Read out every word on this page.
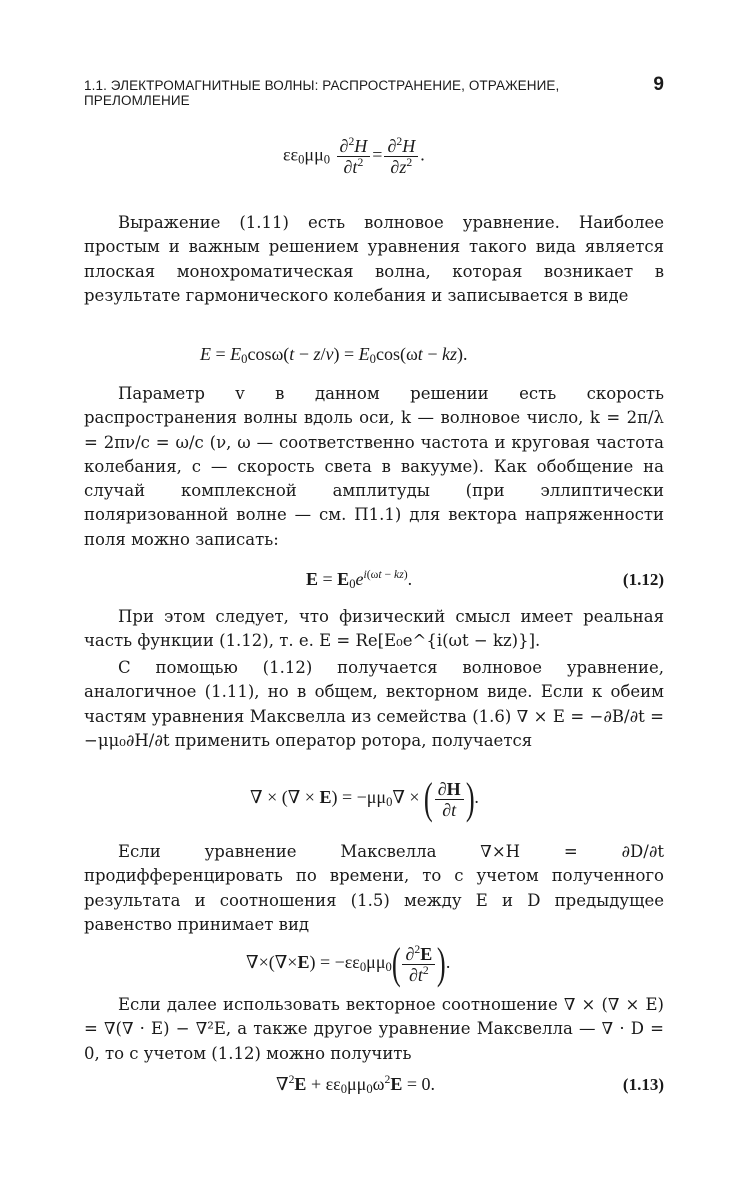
1.1. ЭЛЕКТРОМАГНИТНЫЕ ВОЛНЫ: РАСПРОСТРАНЕНИЕ, ОТРАЖЕНИЕ, ПРЕЛОМЛЕНИЕ
9
$\varepsilon\varepsilon_0\mu\mu_0 \frac{\partial^2H}{\partial t^2} = \frac{\partial^2H}{\partial z^2}$ .

Выражение (1.11) есть волновое уравнение. Наиболее простым и важным решением уравнения такого вида является плоская монохроматическая волна, которая возникает в результате гармонического колебания и записывается в виде

$E = E_0\cos\omega(t - z/v) = E_0\cos(\omega t - kz)$.

Параметр v в данном решении есть скорость распространения волны вдоль оси, k — волновое число, k = 2π/λ = 2πν/c = ω/c (ν, ω — соответственно частота и круговая частота колебания, c — скорость света в вакууме). Как обобщение на случай комплексной амплитуды (при эллиптически поляризованной волне — см. П1.1) для вектора напряженности поля можно записать:

$E = E_0e^{i(\omega t - kz)}$.	(1.12)

При этом следует, что физический смысл имеет реальная часть функции (1.12), т. е. E = Re[E₀e^{i(ωt − kz)}].

С помощью (1.12) получается волновое уравнение, аналогичное (1.11), но в общем, векторном виде. Если к обеим частям уравнения Максвелла из семейства (1.6) ∇ × E = −∂B/∂t = −μμ₀∂H/∂t применить оператор ротора, получается

∇ × (∇ × $E) = -\mu\mu_0\nabla$ × ( $\frac{\partial H}{\partial t}$ ).

Если уравнение Максвелла ∇×H = ∂D/∂t продифференцировать по времени, то с учетом полученного результата и соотношения (1.5) между E и D предыдущее равенство принимает вид

$\nabla\times(\nabla\times E) = -\varepsilon\varepsilon_0\mu\mu_0( \frac{\partial^2E}{\partial t^2}$ ).

Если далее использовать векторное соотношение ∇ × (∇ × E) = ∇(∇ · E) − ∇²E, а также другое уравнение Максвелла — ∇ · D = 0, то с учетом (1.12) можно получить

$\nabla^2E + \varepsilon\varepsilon_0\mu\mu_0\omega^2E = 0$.	(1.13)
